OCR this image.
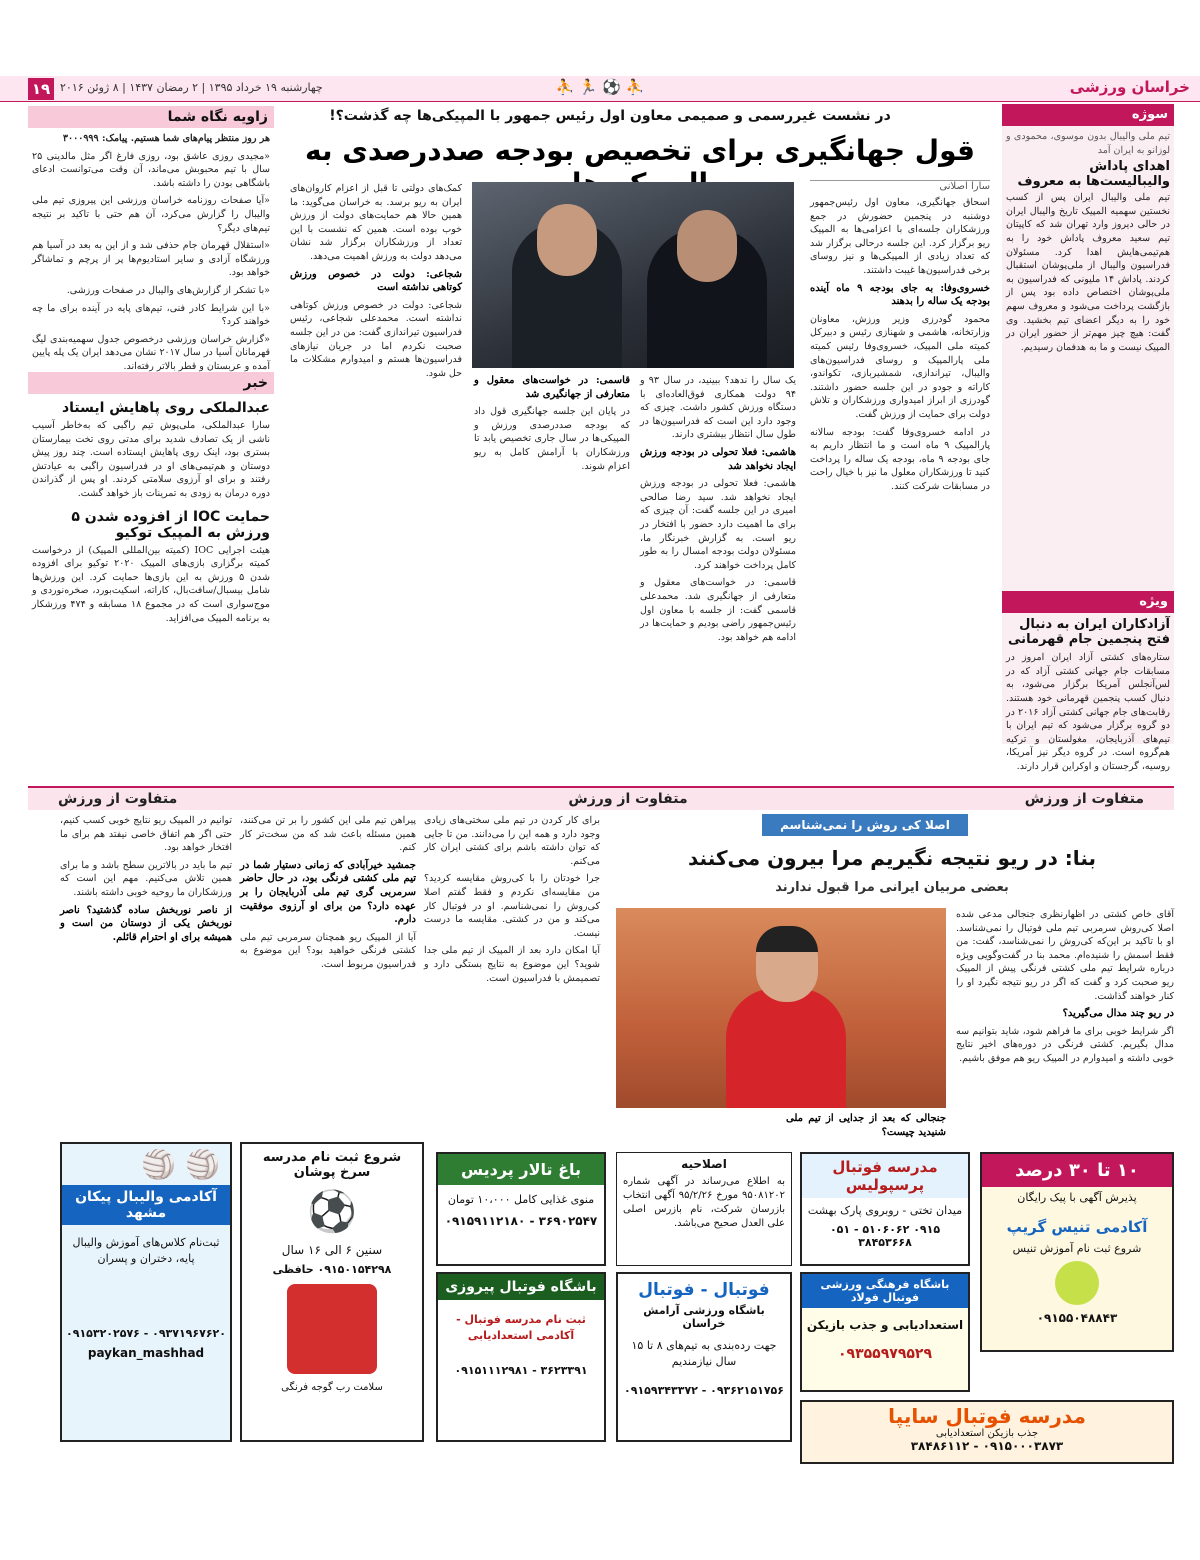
۱۹ چهارشنبه ۱۹ خرداد ۱۳۹۵ | ۲ رمضان ۱۴۳۷ | ۸ ژوئن ۲۰۱۶	⛹ ⚽ 🏃 ⛹	خراسان ورزشی
زاویه نگاه شما
هر روز منتظر پیام‌های شما هستیم. پیامک: ۳۰۰۰۹۹۹

«مجیدی روزی عاشق بود، روزی فارغ اگر مثل مالدینی ۲۵ سال با تیم محبوبش می‌ماند، آن وقت می‌توانست ادعای باشگاهی بودن را داشته باشد.

«آیا صفحات روزنامه خراسان ورزشی این پیروزی تیم ملی والیبال را گزارش می‌کرد، آن هم حتی با تاکید بر نتیجه تیم‌های دیگر؟

«استقلال قهرمان جام حذفی شد و از این به بعد در آسیا هم ورزشگاه آزادی و سایر استادیوم‌ها پر از پرچم و تماشاگر خواهد بود.

«با تشکر از گزارش‌های والیبال در صفحات ورزشی.

«با این شرایط کادر فنی، تیم‌های پایه در آینده برای ما چه خواهند کرد؟

«گزارش خراسان ورزشی درخصوص جدول سهمیه‌بندی لیگ قهرمانان آسیا در سال ۲۰۱۷ نشان می‌دهد ایران یک پله پایین آمده و عربستان و قطر بالاتر رفته‌اند.

خبر
عبدالملکی روی پاهایش ایستاد
سارا عبدالملکی، ملی‌پوش تیم راگبی که به‌خاطر آسیب ناشی از یک تصادف شدید برای مدتی روی تخت بیمارستان بستری بود، اینک روی پاهایش ایستاده است. چند روز پیش دوستان و هم‌تیمی‌های او در فدراسیون راگبی به عیادتش رفتند و برای او آرزوی سلامتی کردند. او پس از گذراندن دوره درمان به زودی به تمرینات باز خواهد گشت.
حمایت IOC از افزوده شدن ۵ ورزش به المپیک توکیو
هیئت اجرایی IOC (کمیته بین‌المللی المپیک) از درخواست کمیته برگزاری بازی‌های المپیک ۲۰۲۰ توکیو برای افزوده شدن ۵ ورزش به این بازی‌ها حمایت کرد. این ورزش‌ها شامل بیسبال/سافت‌بال، کاراته، اسکیت‌بورد، صخره‌نوردی و موج‌سواری است که در مجموع ۱۸ مسابقه و ۴۷۴ ورزشکار به برنامه المپیک می‌افزاید.
در نشست غیررسمی و صمیمی معاون اول رئیس جمهور با المپیکی‌ها چه گذشت؟!
قول جهانگیری برای تخصیص بودجه صددرصدی به
سارا اصلانی

اسحاق جهانگیری، معاون اول رئیس‌جمهور دوشنبه در پنجمین حضورش در جمع ورزشکاران جلسه‌ای با اعزامی‌ها به المپیک ریو برگزار کرد. این جلسه درحالی برگزار شد که تعداد زیادی از المپیکی‌ها و نیز روسای برخی فدراسیون‌ها غیبت داشتند.

خسروی‌وفا: به جای بودجه ۹ ماه آینده بودجه یک ساله را بدهند

محمود گودرزی وزیر ورزش، معاونان وزارتخانه، هاشمی و شهنازی رئیس و دبیرکل کمیته ملی المپیک، خسروی‌وفا رئیس کمیته ملی پارالمپیک و روسای فدراسیون‌های والیبال، تیراندازی، شمشیربازی، تکواندو، کاراته و جودو در این جلسه حضور داشتند. گودرزی از ابراز امیدواری ورزشکاران و تلاش دولت برای حمایت از ورزش گفت.

در ادامه خسروی‌وفا گفت: بودجه سالانه پارالمپیک ۹ ماه است و ما انتظار داریم به جای بودجه ۹ ماه، بودجه یک ساله را پرداخت کنید تا ورزشکاران معلول ما نیز با خیال راحت در مسابقات شرکت کنند.

یک سال را ندهد؟ ببینید، در سال ۹۳ و ۹۴ دولت همکاری فوق‌العاده‌ای با دستگاه ورزش کشور داشت. چیزی که وجود دارد این است که فدراسیون‌ها در طول سال انتظار بیشتری دارند.

هاشمی: فعلا تحولی در بودجه ورزش ایجاد نخواهد شد

هاشمی: فعلا تحولی در بودجه ورزش ایجاد نخواهد شد. سید رضا صالحی امیری در این جلسه گفت: آن چیزی که برای ما اهمیت دارد حضور با افتخار در ریو است. به گزارش خبرنگار ما، مسئولان دولت بودجه امسال را به طور کامل پرداخت خواهند کرد.

قاسمی: در خواست‌های معقول و متعارفی از جهانگیری شد. محمدعلی قاسمی گفت: از جلسه با معاون اول رئیس‌جمهور راضی بودیم و حمایت‌ها در ادامه هم خواهد بود.

قاسمی: در خواست‌های معقول و متعارفی از جهانگیری شد

در پایان این جلسه جهانگیری قول داد که بودجه صددرصدی ورزش و المپیکی‌ها در سال جاری تخصیص یابد تا ورزشکاران با آرامش کامل به ریو اعزام شوند.

کمک‌های دولتی تا قبل از اعزام کاروان‌های ایران به ریو برسد. به خراسان می‌گوید: ما همین حالا هم حمایت‌های دولت از ورزش خوب بوده است. همین که نشست با این تعداد از ورزشکاران برگزار شد نشان می‌دهد دولت به ورزش اهمیت می‌دهد.

شجاعی: دولت در خصوص ورزش کوتاهی نداشته است

شجاعی: دولت در خصوص ورزش کوتاهی نداشته است. محمدعلی شجاعی، رئیس فدراسیون تیراندازی گفت: من در این جلسه صحبت نکردم اما در جریان نیازهای فدراسیون‌ها هستم و امیدوارم مشکلات ما حل شود.

سوژه
تیم ملی والیبال بدون موسوی، محمودی و لوزانو به ایران آمد
اهدای پاداش والیبالیست‌ها به معروف
تیم ملی والیبال ایران پس از کسب نخستین سهمیه المپیک تاریخ والیبال ایران در حالی دیروز وارد تهران شد که کاپیتان تیم سعید معروف پاداش خود را به هم‌تیمی‌هایش اهدا کرد. مسئولان فدراسیون والیبال از ملی‌پوشان استقبال کردند. پاداش ۱۴ ملیونی که فدراسیون به ملی‌پوشان اختصاص داده بود پس از بازگشت پرداخت می‌شود و معروف سهم خود را به دیگر اعضای تیم بخشید. وی گفت: هیچ چیز مهم‌تر از حضور ایران در المپیک نیست و ما به هدفمان رسیدیم.
ویژه
آزادکاران ایران به دنبال فتح پنجمین جام قهرمانی
ستاره‌های کشتی آزاد ایران امروز در مسابقات جام جهانی کشتی آزاد که در لس‌آنجلس آمریکا برگزار می‌شود، به دنبال کسب پنجمین قهرمانی خود هستند. رقابت‌های جام جهانی کشتی آزاد ۲۰۱۶ در دو گروه برگزار می‌شود که تیم ایران با تیم‌های آذربایجان، مغولستان و ترکیه هم‌گروه است. در گروه دیگر نیز آمریکا، روسیه، گرجستان و اوکراین قرار دارند.
متفاوت از ورزش
متفاوت از ورزش
متفاوت از ورزش
اصلا کی روش را نمی‌شناسم
بنا: در ریو نتیجه نگیریم مرا بیرون می‌کنند
بعضی مربیان ایرانی مرا قبول ندارند

آقای خاص کشتی در اظهارنظری جنجالی مدعی شده اصلا کی‌روش سرمربی تیم ملی فوتبال را نمی‌شناسد. او با تاکید بر این‌که کی‌روش را نمی‌شناسد، گفت: من فقط اسمش را شنیده‌ام. محمد بنا در گفت‌وگویی ویژه درباره شرایط تیم ملی کشتی فرنگی پیش از المپیک ریو صحبت کرد و گفت که اگر در ریو نتیجه نگیرد او را کنار خواهند گذاشت.

در ریو چند مدال می‌گیرید؟

اگر شرایط خوبی برای ما فراهم شود، شاید بتوانیم سه مدال بگیریم. کشتی فرنگی در دوره‌های اخیر نتایج خوبی داشته و امیدوارم در المپیک ریو هم موفق باشیم.

جنجالی که بعد از جدایی از تیم ملی شنیدید چیست؟

برای کار کردن در تیم ملی سختی‌های زیادی وجود دارد و همه این را می‌دانند. من تا جایی که توان داشته باشم برای کشتی ایران کار می‌کنم.

جرا خودتان را با کی‌روش مقایسه کردید؟ من مقایسه‌ای نکردم و فقط گفتم اصلا کی‌روش را نمی‌شناسم. او در فوتبال کار می‌کند و من در کشتی. مقایسه ما درست نیست.

آیا امکان دارد بعد از المپیک از تیم ملی جدا شوید؟ این موضوع به نتایج بستگی دارد و تصمیمش با فدراسیون است.

پیراهن تیم ملی این کشور را بر تن می‌کنند، همین مسئله باعث شد که من سخت‌تر کار کنم.

جمشید خیرآبادی که زمانی دستیار شما در تیم ملی کشتی فرنگی بود، در حال حاضر سرمربی گری تیم ملی آذربایجان را بر عهده دارد؟ من برای او آرزوی موفقیت دارم.

آیا از المپیک ریو همچنان سرمربی تیم ملی کشتی فرنگی خواهید بود؟ این موضوع به فدراسیون مربوط است.

توانیم در المپیک ریو نتایج خوبی کسب کنیم، حتی اگر هم اتفاق خاصی نیفتد هم برای ما افتخار خواهد بود.

تیم ما باید در بالاترین سطح باشد و ما برای همین تلاش می‌کنیم. مهم این است که ورزشکاران ما روحیه خوبی داشته باشند.

از ناصر نوربخش ساده گذشتید؟ ناصر نوربخش یکی از دوستان من است و همیشه برای او احترام قائلم.

مدرسه فوتبال پرسپولیس
میدان تختی - روبروی پارک بهشت
۰۹۱۵ ۵۱۰۶۰۶۲ - ۰۵۱ ۳۸۴۵۳۶۶۸
باغ تالار پردیس
منوی غذایی کامل ۱۰،۰۰۰ تومان
۳۶۹۰۲۵۴۷ - ۰۹۱۵۹۱۱۲۱۸۰
اصلاحیه
به اطلاع می‌رساند در آگهی شماره ۹۵۰۸۱۲۰۲ مورخ ۹۵/۲/۲۶ آگهی انتخاب بازرسان شرکت، نام بازرس اصلی علی العدل صحیح می‌باشد.
۱۰ تا ۳۰ درصد
پذیرش آگهی با پیک رایگان
آکادمی تنیس گریپ
شروع ثبت نام آموزش تنیس
۰۹۱۵۵۰۴۸۸۴۳
🏐 🏐
آکادمی والیبال پیکان مشهد
ثبت‌نام کلاس‌های آموزش والیبال پایه، دختران و پسران
۰۹۳۷۱۹۶۷۶۲۰ - ۰۹۱۵۳۲۰۲۵۷۶
paykan_mashhad
شروع ثبت نام مدرسه سرخ پوشان
⚽
سنین ۶ الی ۱۶ سال
۰۹۱۵۰۱۵۴۲۹۸ حافظی
سلامت رب گوجه فرنگی
باشگاه فوتبال پیروزی
ثبت نام مدرسه فوتبال - آکادمی استعدادیابی
۳۶۲۳۳۹۱ - ۰۹۱۵۱۱۱۲۹۸۱
فوتبال - فوتبال
باشگاه ورزشی آرامش خراسان
جهت رده‌بندی به تیم‌های ۸ تا ۱۵ سال نیازمندیم
۰۹۳۶۲۱۵۱۷۵۶ - ۰۹۱۵۹۳۴۳۳۷۲
باشگاه فرهنگی ورزشی فوتبال فولاد
استعدادیابی و جذب بازیکن
۰۹۳۵۵۹۷۹۵۲۹
مدرسه فوتبال سایپا
جذب بازیکن استعدادیابی
۰۹۱۵۰۰۰۳۸۷۳ - ۳۸۴۸۶۱۱۲
